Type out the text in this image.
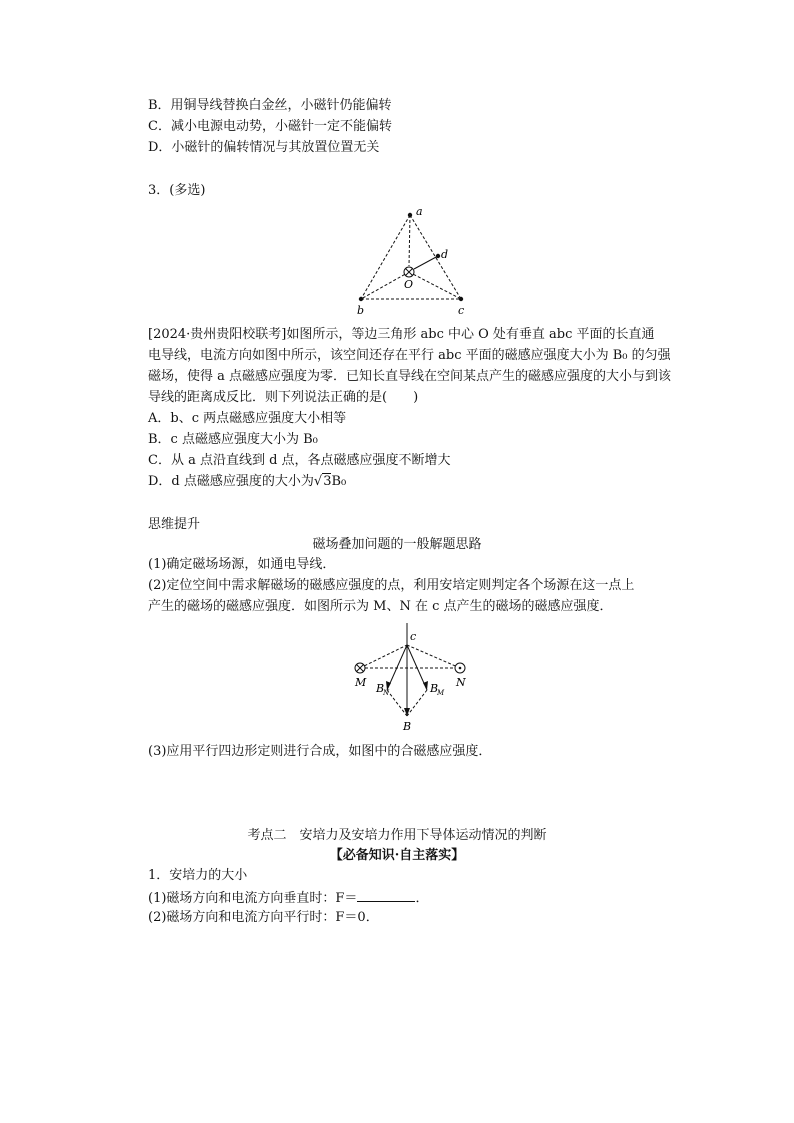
B．用铜导线替换白金丝，小磁针仍能偏转
C．减小电源电动势，小磁针一定不能偏转
D．小磁针的偏转情况与其放置位置无关
3．(多选)
a
d
O
b	c
[2024·贵州贵阳校联考]如图所示，等边三角形 abc 中心 O 处有垂直 abc 平面的长直通
电导线，电流方向如图中所示，该空间还存在平行 abc 平面的磁感应强度大小为 B₀ 的匀强
磁场，使得 a 点磁感应强度为零．已知长直导线在空间某点产生的磁感应强度的大小与到该
导线的距离成反比．则下列说法正确的是(　　)
A．b、c 两点磁感应强度大小相等
B．c 点磁感应强度大小为 B₀
C．从 a 点沿直线到 d 点，各点磁感应强度不断增大
D．d 点磁感应强度的大小为√3B₀
思维提升
磁场叠加问题的一般解题思路
(1)确定磁场场源，如通电导线．
(2)定位空间中需求解磁场的磁感应强度的点，利用安培定则判定各个场源在这一点上
产生的磁场的磁感应强度．如图所示为 M、N 在 c 点产生的磁场的磁感应强度．
c
M	N
B
N	B
M
B
(3)应用平行四边形定则进行合成，如图中的合磁感应强度．
考点二　安培力及安培力作用下导体运动情况的判断
【必备知识·自主落实】
1．安培力的大小
(1)磁场方向和电流方向垂直时：F＝	．
(2)磁场方向和电流方向平行时：F＝0．
